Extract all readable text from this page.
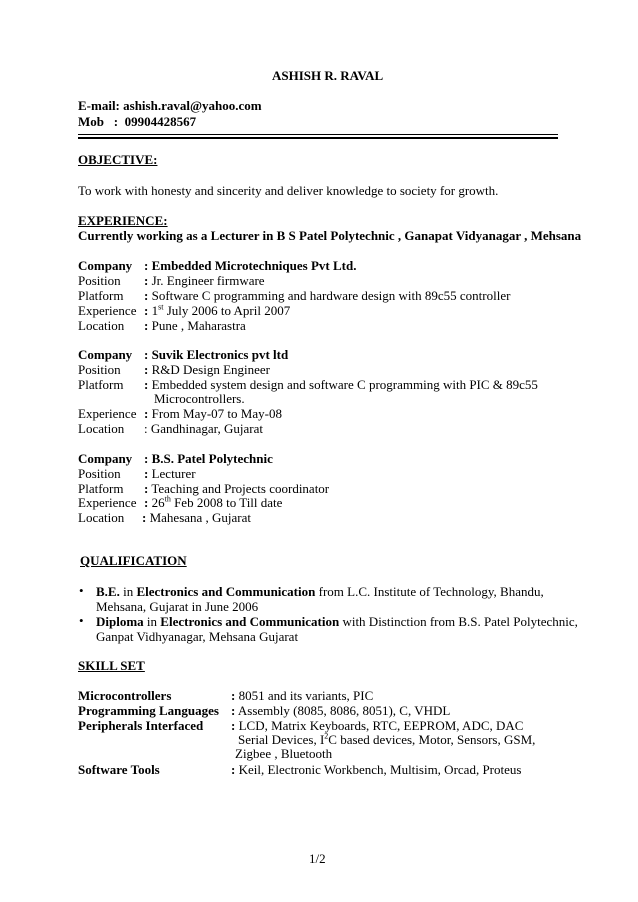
ASHISH R. RAVAL
E-mail: ashish.raval@yahoo.com
Mob : 09904428567
OBJECTIVE:
To work with honesty and sincerity and deliver knowledge to society for growth.
EXPERIENCE:
Currently working as a Lecturer in B S Patel Polytechnic , Ganapat Vidyanagar , Mehsana
Company : Embedded Microtechniques Pvt Ltd.
Position : Jr. Engineer firmware
Platform : Software C programming and hardware design with 89c55 controller
Experience : 1st July 2006 to April 2007
Location : Pune , Maharastra
Company : Suvik Electronics pvt ltd
Position : R&D Design Engineer
Platform : Embedded system design and software C programming with PIC & 89c55
Microcontrollers.
Experience : From May-07 to May-08
Location : Gandhinagar, Gujarat
Company : B.S. Patel Polytechnic
Position : Lecturer
Platform : Teaching and Projects coordinator
Experience : 26th Feb 2008 to Till date
Location : Mahesana , Gujarat
QUALIFICATION
• B.E. in Electronics and Communication from L.C. Institute of Technology, Bhandu,
Mehsana, Gujarat in June 2006
• Diploma in Electronics and Communication with Distinction from B.S. Patel Polytechnic,
Ganpat Vidhyanagar, Mehsana Gujarat
SKILL SET
Microcontrollers	: 8051 and its variants, PIC
Programming Languages : Assembly (8085, 8086, 8051), C, VHDL
Peripherals Interfaced : LCD, Matrix Keyboards, RTC, EEPROM, ADC, DAC
Serial Devices, $I^2C$ based devices, Motor, Sensors, GSM,
Zigbee , Bluetooth
Software Tools	: Keil, Electronic Workbench, Multisim, Orcad, Proteus
1/2
